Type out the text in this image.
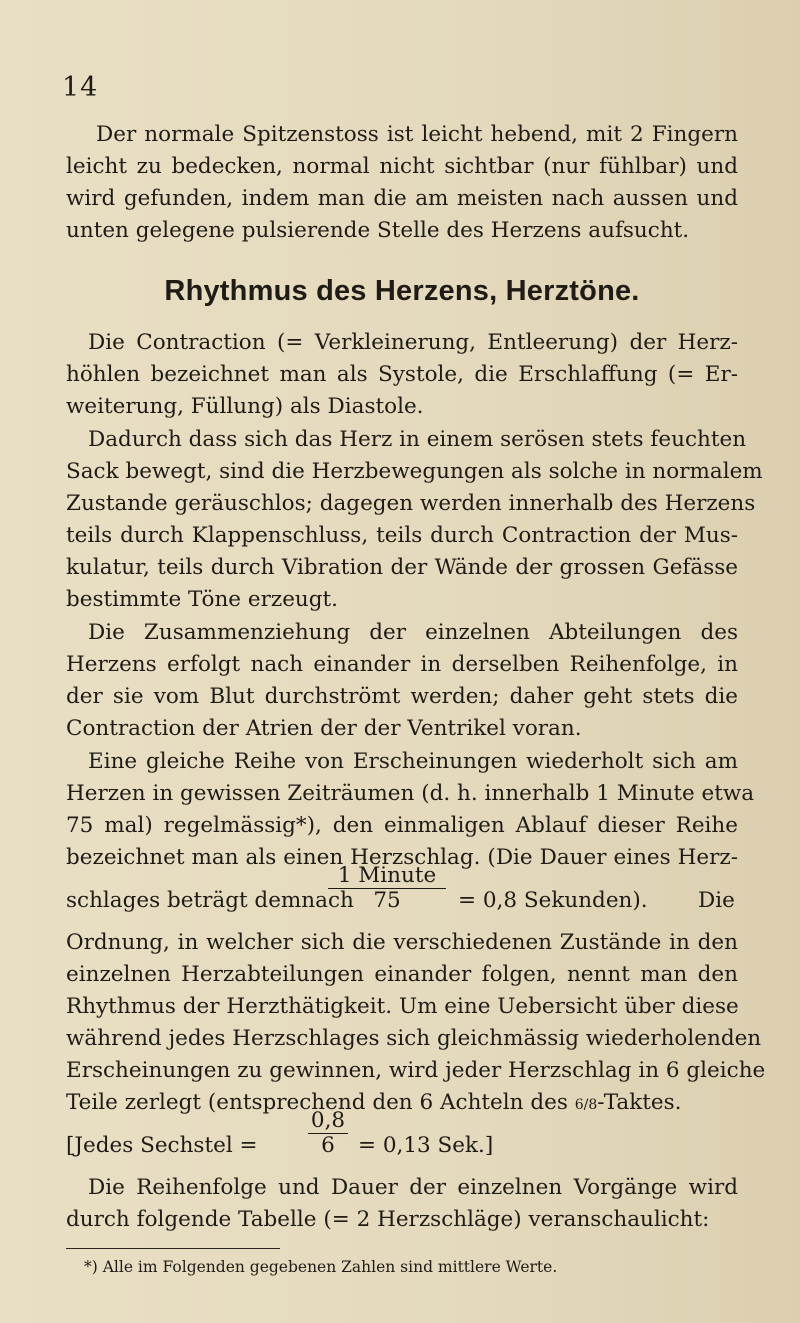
14
Der normale Spitzenstoss ist leicht hebend, mit 2 Fingern
leicht zu bedecken, normal nicht sichtbar (nur fühlbar) und
wird gefunden, indem man die am meisten nach aussen und
unten gelegene pulsierende Stelle des Herzens aufsucht.
Rhythmus des Herzens, Herztöne.
Die Contraction (= Verkleinerung, Entleerung) der Herz-
höhlen bezeichnet man als Systole, die Erschlaffung (= Er-
weiterung, Füllung) als Diastole.
Dadurch dass sich das Herz in einem serösen stets feuchten
Sack bewegt, sind die Herzbewegungen als solche in normalem
Zustande geräuschlos; dagegen werden innerhalb des Herzens
teils durch Klappenschluss, teils durch Contraction der Mus-
kulatur, teils durch Vibration der Wände der grossen Gefässe
bestimmte Töne erzeugt.
Die Zusammenziehung der einzelnen Abteilungen des
Herzens erfolgt nach einander in derselben Reihenfolge, in
der sie vom Blut durchströmt werden; daher geht stets die
Contraction der Atrien der der Ventrikel voran.
Eine gleiche Reihe von Erscheinungen wiederholt sich am
Herzen in gewissen Zeiträumen (d. h. innerhalb 1 Minute etwa
75 mal) regelmässig*), den einmaligen Ablauf dieser Reihe
bezeichnet man als einen Herzschlag. (Die Dauer eines Herz-
schlages beträgt demnach
1 Minute
75	= 0,8 Sekunden). Die
Ordnung, in welcher sich die verschiedenen Zustände in den
einzelnen Herzabteilungen einander folgen, nennt man den
Rhythmus der Herzthätigkeit. Um eine Uebersicht über diese
während jedes Herzschlages sich gleichmässig wiederholenden
Erscheinungen zu gewinnen, wird jeder Herzschlag in 6 gleiche
Teile zerlegt (entsprechend den 6 Achteln des 6/8-Taktes.
[Jedes Sechstel =
0,8
6	= 0,13 Sek.]
Die Reihenfolge und Dauer der einzelnen Vorgänge wird
durch folgende Tabelle (= 2 Herzschläge) veranschaulicht:
*) Alle im Folgenden gegebenen Zahlen sind mittlere Werte.
